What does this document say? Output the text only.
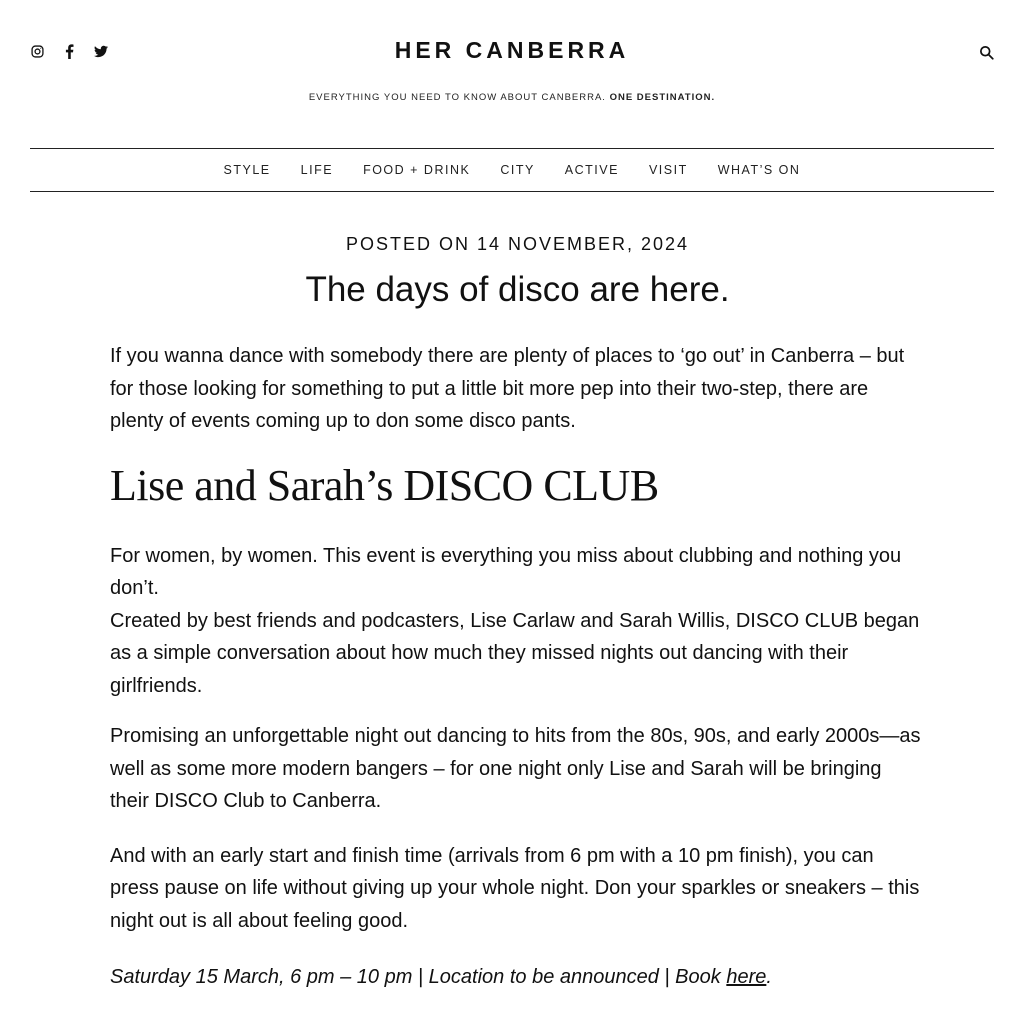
HER CANBERRA
EVERYTHING YOU NEED TO KNOW ABOUT CANBERRA. ONE DESTINATION.
STYLE	LIFE	FOOD + DRINK	CITY	ACTIVE	VISIT	WHAT’S ON

POSTED ON 14 NOVEMBER, 2024

The days of disco are here.

If you wanna dance with somebody there are plenty of places to ‘go out’ in Canberra – but for those looking for something to put a little bit more pep into their two-step, there are plenty of events coming up to don some disco pants.

Lise and Sarah’s DISCO CLUB

For women, by women. This event is everything you miss about clubbing and nothing you don’t.
Created by best friends and podcasters, Lise Carlaw and Sarah Willis, DISCO CLUB began as a simple conversation about how much they missed nights out dancing with their girlfriends.

Promising an unforgettable night out dancing to hits from the 80s, 90s, and early 2000s—as well as some more modern bangers – for one night only Lise and Sarah will be bringing their DISCO Club to Canberra.

And with an early start and finish time (arrivals from 6 pm with a 10 pm finish), you can press pause on life without giving up your whole night. Don your sparkles or sneakers – this night out is all about feeling good.

Saturday 15 March, 6 pm – 10 pm | Location to be announced | Book here.
